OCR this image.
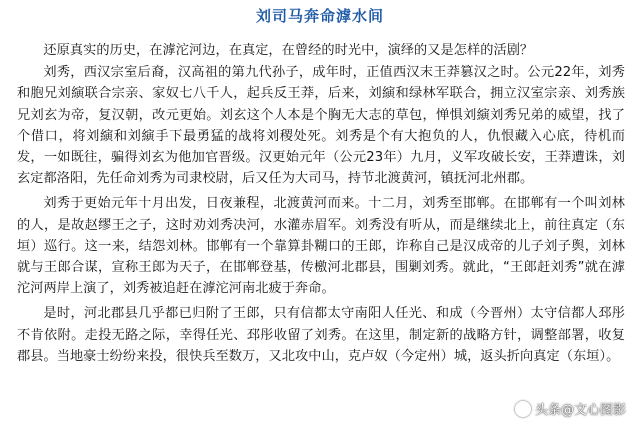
刘司马奔命滹水间

还原真实的历史，在滹沱河边，在真定，在曾经的时光中，演绎的又是怎样的活剧？

刘秀，西汉宗室后裔，汉高祖的第九代孙子，成年时，正值西汉末王莽篡汉之时。公元22年，刘秀和胞兄刘縯联合宗亲、家奴七八千人，起兵反王莽，后来，刘縯和绿林军联合，拥立汉室宗亲、刘秀族兄刘玄为帝，复汉朝，改元更始。刘玄这个人本是个胸无大志的草包，惮惧刘縯刘秀兄弟的威望，找了个借口，将刘縯和刘縯手下最勇猛的战将刘稷处死。刘秀是个有大抱负的人，仇恨藏入心底，待机而发，一如既往，骗得刘玄为他加官晋级。汉更始元年（公元23年）九月，义军攻破长安，王莽遭诛，刘玄定都洛阳，先任命刘秀为司隶校尉，后又任为大司马，持节北渡黄河，镇抚河北州郡。

刘秀于更始元年十月出发，日夜兼程，北渡黄河而来。十二月，刘秀至邯郸。在邯郸有一个叫刘林的人，是故赵缪王之子，这时劝刘秀决河，水灌赤眉军。刘秀没有听从，而是继续北上，前往真定（东垣）巡行。这一来，结怨刘林。邯郸有一个靠算卦糊口的王郎，诈称自己是汉成帝的儿子刘子舆，刘林就与王郎合谋，宣称王郎为天子，在邯郸登基，传檄河北郡县，围剿刘秀。就此，“王郎赶刘秀”就在滹沱河两岸上演了，刘秀被追赶在滹沱河南北疲于奔命。

是时，河北郡县几乎都已归附了王郎，只有信都太守南阳人任光、和成（今晋州）太守信都人邳彤不肯依附。走投无路之际，幸得任光、邳彤收留了刘秀。在这里，制定新的战略方针，调整部署，收复郡县。当地豪士纷纷来投，很快兵至数万，又北攻中山，克卢奴（今定州）城，返头折向真定（东垣）。

头条@文心图影
